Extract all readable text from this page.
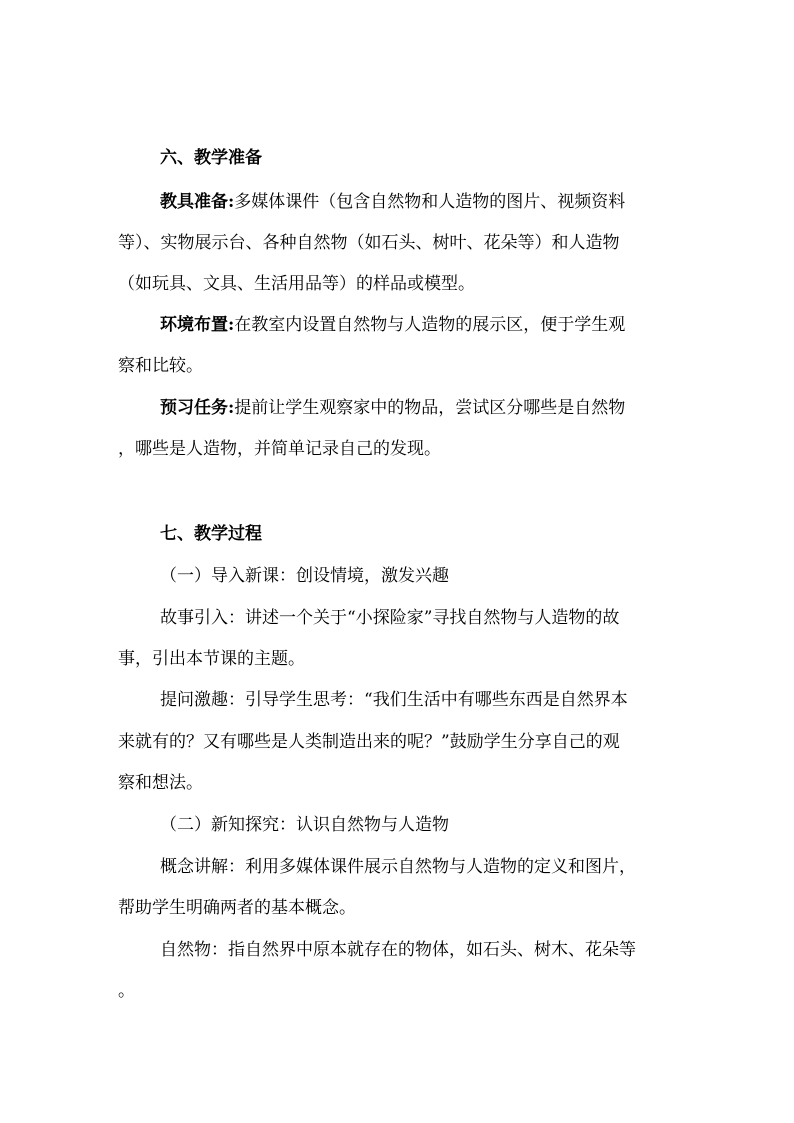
六、教学准备
教具准备:多媒体课件（包含自然物和人造物的图片、视频资料
等）、实物展示台、各种自然物（如石头、树叶、花朵等）和人造物
（如玩具、文具、生活用品等）的样品或模型。
环境布置:在教室内设置自然物与人造物的展示区，便于学生观
察和比较。
预习任务:提前让学生观察家中的物品，尝试区分哪些是自然物
，哪些是人造物，并简单记录自己的发现。
七、教学过程
（一）导入新课：创设情境，激发兴趣
故事引入：讲述一个关于“小探险家”寻找自然物与人造物的故
事，引出本节课的主题。
提问激趣：引导学生思考：“我们生活中有哪些东西是自然界本
来就有的？又有哪些是人类制造出来的呢？”鼓励学生分享自己的观
察和想法。
（二）新知探究：认识自然物与人造物
概念讲解：利用多媒体课件展示自然物与人造物的定义和图片，
帮助学生明确两者的基本概念。
自然物：指自然界中原本就存在的物体，如石头、树木、花朵等
。
